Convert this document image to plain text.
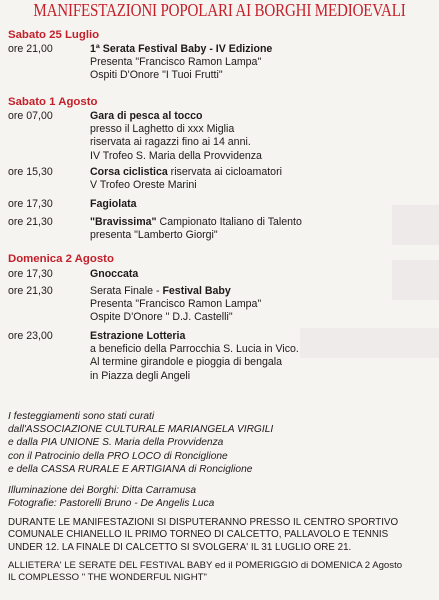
MANIFESTAZIONI POPOLARI AI BORGHI MEDIOEVALI
Sabato 25 Luglio
ore 21,00	1ª Serata Festival Baby - IV Edizione
Presenta "Francisco Ramon Lampa"
Ospiti D'Onore "I Tuoi Frutti"
Sabato 1 Agosto
ore 07,00	Gara di pesca al tocco
presso il Laghetto di xxx Miglia
riservata ai ragazzi fino ai 14 anni.
IV Trofeo S. Maria della Provvidenza
ore 15,30	Corsa ciclistica riservata ai cicloamatori
V Trofeo Oreste Marini
ore 17,30	Fagiolata
ore 21,30	"Bravissima" Campionato Italiano di Talento
presenta "Lamberto Giorgi"
Domenica 2 Agosto
ore 17,30	Gnoccata
ore 21,30	Serata Finale - Festival Baby
Presenta "Francisco Ramon Lampa"
Ospite D'Onore " D.J. Castelli"
ore 23,00	Estrazione Lotteria
a beneficio della Parrocchia S. Lucia in Vico.
Al termine girandole e pioggia di bengala
in Piazza degli Angeli
I festeggiamenti sono stati curati
dall'ASSOCIAZIONE CULTURALE MARIANGELA VIRGILI
e dalla PIA UNIONE S. Maria della Provvidenza
con il Patrocinio della PRO LOCO di Ronciglione
e della CASSA RURALE E ARTIGIANA di Ronciglione
Illuminazione dei Borghi: Ditta Carramusa
Fotografie: Pastorelli Bruno - De Angelis Luca
DURANTE LE MANIFESTAZIONI SI DISPUTERANNO PRESSO IL CENTRO SPORTIVO
COMUNALE CHIANELLO IL PRIMO TORNEO DI CALCETTO, PALLAVOLO E TENNIS
UNDER 12. LA FINALE DI CALCETTO SI SVOLGERA' IL 31 LUGLIO ORE 21.
ALLIETERA' LE SERATE DEL FESTIVAL BABY ed il POMERIGGIO di DOMENICA 2 Agosto
IL COMPLESSO " THE WONDERFUL NIGHT"
